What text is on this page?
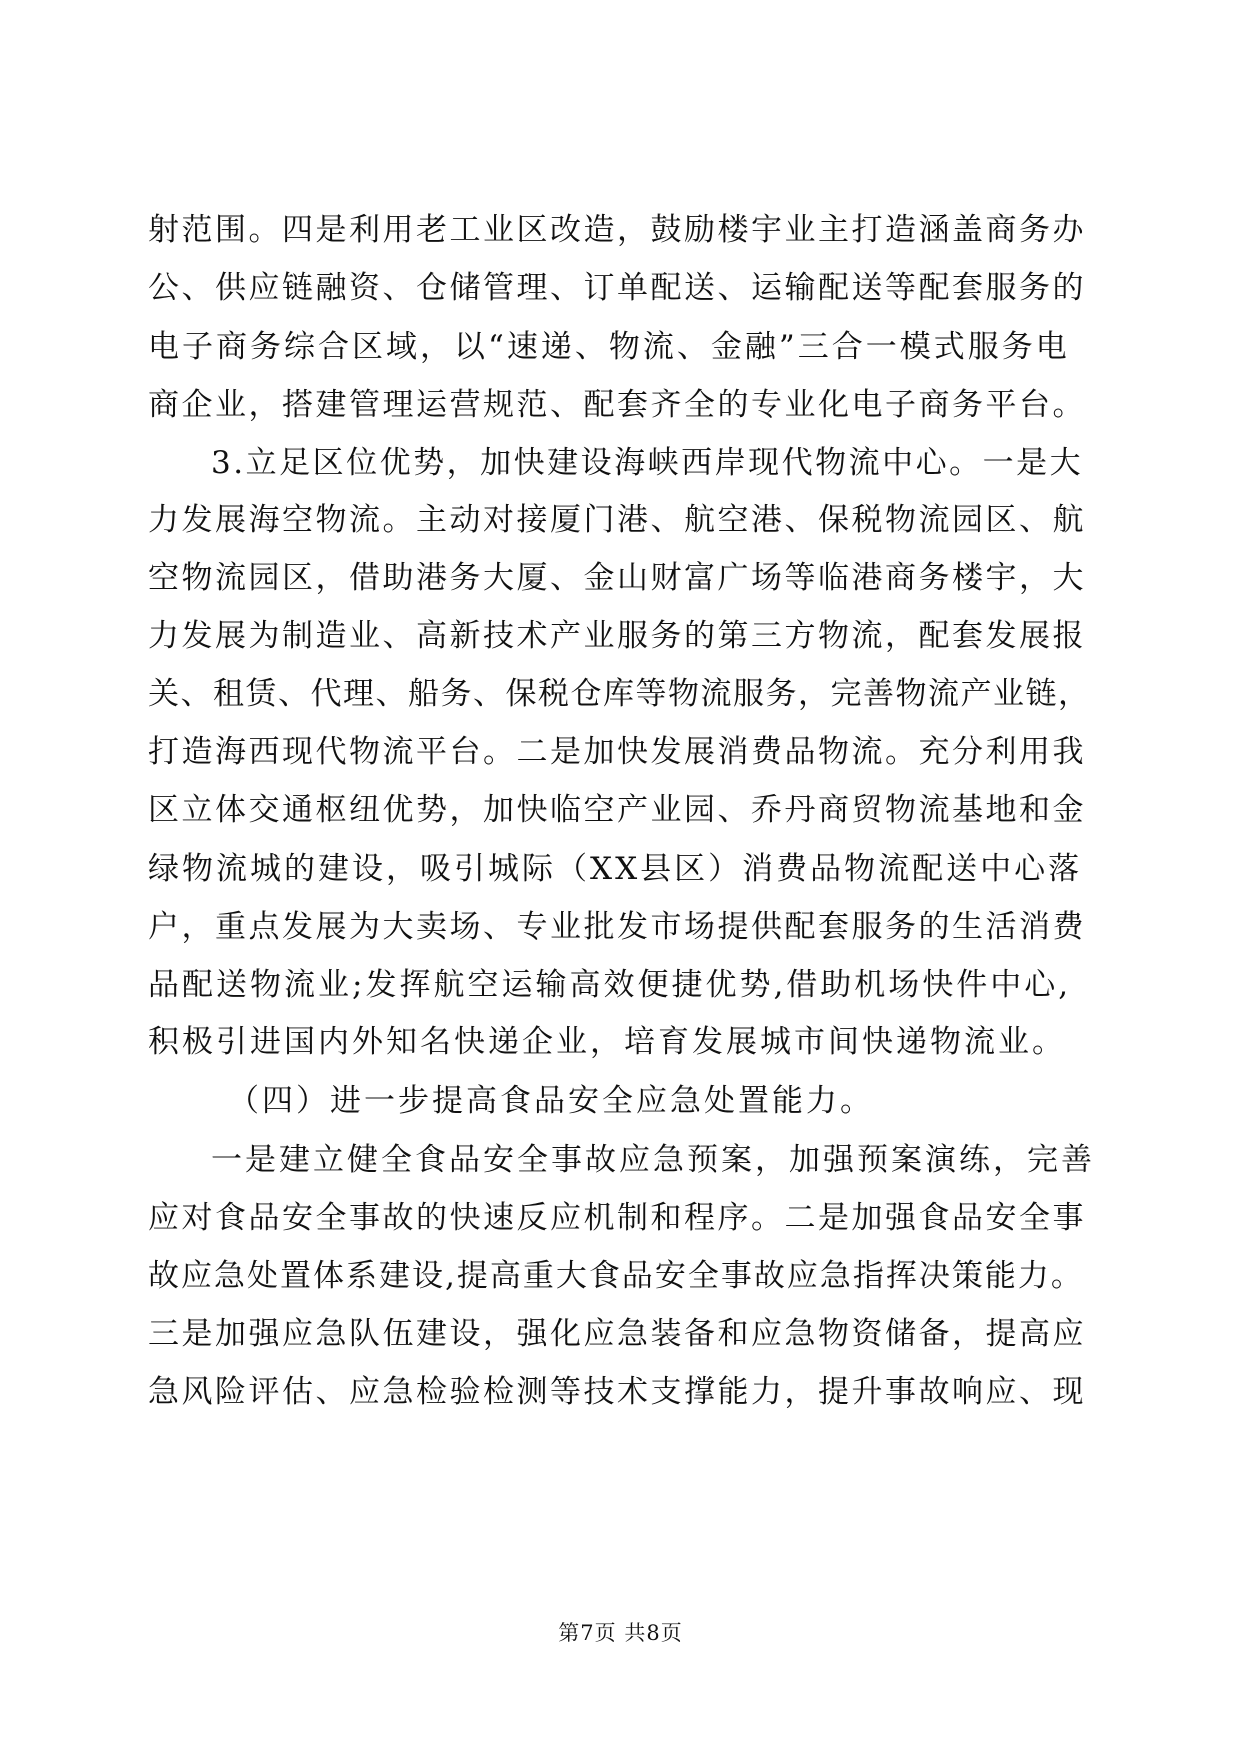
射范围。四是利用老工业区改造，鼓励楼宇业主打造涵盖商务办
公、供应链融资、仓储管理、订单配送、运输配送等配套服务的
电子商务综合区域，以“速递、物流、金融”三合一模式服务电
商企业，搭建管理运营规范、配套齐全的专业化电子商务平台。
3.立足区位优势，加快建设海峡西岸现代物流中心。一是大
力发展海空物流。主动对接厦门港、航空港、保税物流园区、航
空物流园区，借助港务大厦、金山财富广场等临港商务楼宇，大
力发展为制造业、高新技术产业服务的第三方物流，配套发展报
关、租赁、代理、船务、保税仓库等物流服务，完善物流产业链，
打造海西现代物流平台。二是加快发展消费品物流。充分利用我
区立体交通枢纽优势，加快临空产业园、乔丹商贸物流基地和金
绿物流城的建设，吸引城际（XX县区）消费品物流配送中心落
户，重点发展为大卖场、专业批发市场提供配套服务的生活消费
品配送物流业;发挥航空运输高效便捷优势,借助机场快件中心,
积极引进国内外知名快递企业，培育发展城市间快递物流业。
（四）进一步提高食品安全应急处置能力。
一是建立健全食品安全事故应急预案，加强预案演练，完善
应对食品安全事故的快速反应机制和程序。二是加强食品安全事
故应急处置体系建设,提高重大食品安全事故应急指挥决策能力。
三是加强应急队伍建设，强化应急装备和应急物资储备，提高应
急风险评估、应急检验检测等技术支撑能力，提升事故响应、现
第7页 共8页
